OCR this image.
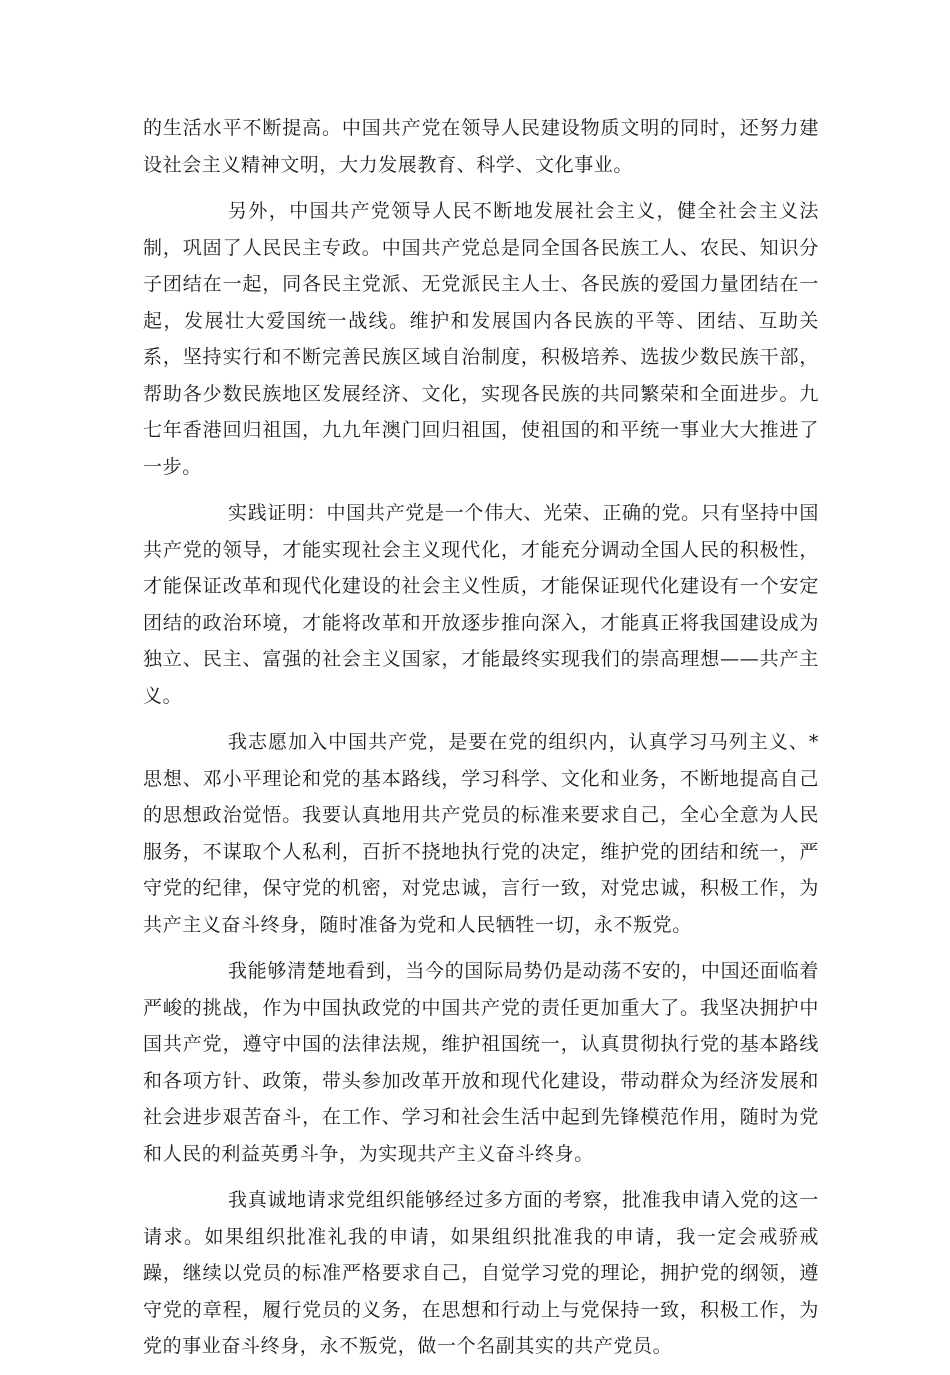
的生活水平不断提高。中国共产党在领导人民建设物质文明的同时，还努力建设社会主义精神文明，大力发展教育、科学、文化事业。

另外，中国共产党领导人民不断地发展社会主义，健全社会主义法制，巩固了人民民主专政。中国共产党总是同全国各民族工人、农民、知识分子团结在一起，同各民主党派、无党派民主人士、各民族的爱国力量团结在一起，发展壮大爱国统一战线。维护和发展国内各民族的平等、团结、互助关系，坚持实行和不断完善民族区域自治制度，积极培养、选拔少数民族干部，帮助各少数民族地区发展经济、文化，实现各民族的共同繁荣和全面进步。九七年香港回归祖国，九九年澳门回归祖国，使祖国的和平统一事业大大推进了一步。

实践证明：中国共产党是一个伟大、光荣、正确的党。只有坚持中国共产党的领导，才能实现社会主义现代化，才能充分调动全国人民的积极性，才能保证改革和现代化建设的社会主义性质，才能保证现代化建设有一个安定团结的政治环境，才能将改革和开放逐步推向深入，才能真正将我国建设成为独立、民主、富强的社会主义国家，才能最终实现我们的崇高理想——共产主义。

我志愿加入中国共产党，是要在党的组织内，认真学习马列主义、*思想、邓小平理论和党的基本路线，学习科学、文化和业务，不断地提高自己的思想政治觉悟。我要认真地用共产党员的标准来要求自己，全心全意为人民服务，不谋取个人私利，百折不挠地执行党的决定，维护党的团结和统一，严守党的纪律，保守党的机密，对党忠诚，言行一致，对党忠诚，积极工作，为共产主义奋斗终身，随时准备为党和人民牺牲一切，永不叛党。

我能够清楚地看到，当今的国际局势仍是动荡不安的，中国还面临着严峻的挑战，作为中国执政党的中国共产党的责任更加重大了。我坚决拥护中国共产党，遵守中国的法律法规，维护祖国统一，认真贯彻执行党的基本路线和各项方针、政策，带头参加改革开放和现代化建设，带动群众为经济发展和社会进步艰苦奋斗，在工作、学习和社会生活中起到先锋模范作用，随时为党和人民的利益英勇斗争，为实现共产主义奋斗终身。

我真诚地请求党组织能够经过多方面的考察，批准我申请入党的这一请求。如果组织批准礼我的申请，如果组织批准我的申请，我一定会戒骄戒躁，继续以党员的标准严格要求自己，自觉学习党的理论，拥护党的纲领，遵守党的章程，履行党员的义务，在思想和行动上与党保持一致，积极工作，为党的事业奋斗终身，永不叛党，做一个名副其实的共产党员。
